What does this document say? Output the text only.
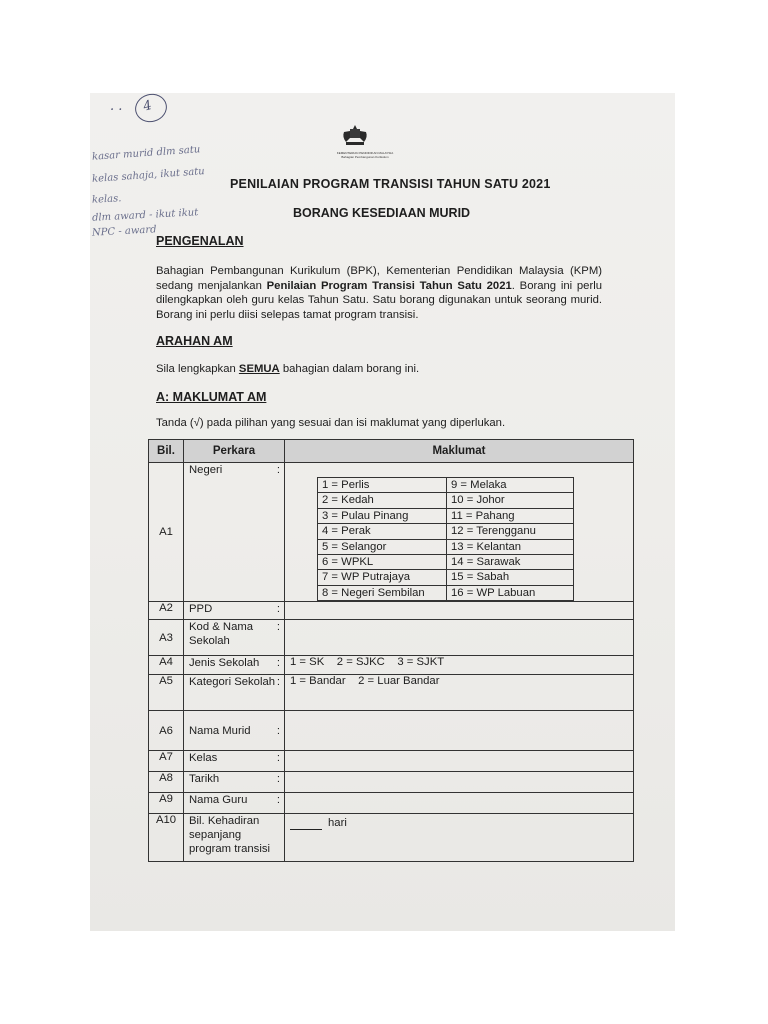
KEMENTERIAN PENDIDIKAN MALAYSIA
Bahagian Pembangunan Kurikulum
. . 4
kasar murid dlm satu
kelas sahaja, ikut satu
kelas.
dlm award - ikut ikut
NPC - award
PENILAIAN PROGRAM TRANSISI TAHUN SATU 2021
BORANG KESEDIAAN MURID
PENGENALAN
Bahagian Pembangunan Kurikulum (BPK), Kementerian Pendidikan Malaysia (KPM) sedang menjalankan Penilaian Program Transisi Tahun Satu 2021. Borang ini perlu dilengkapkan oleh guru kelas Tahun Satu. Satu borang digunakan untuk seorang murid. Borang ini perlu diisi selepas tamat program transisi.
ARAHAN AM
Sila lengkapkan SEMUA bahagian dalam borang ini.
A: MAKLUMAT AM
Tanda (√) pada pilihan yang sesuai dan isi maklumat yang diperlukan.
Bil.	Perkara	Maklumat
A1	Negeri	:

1 = Perlis	9 = Melaka
2 = Kedah	10 = Johor
3 = Pulau Pinang	11 = Pahang
4 = Perak	12 = Terengganu
5 = Selangor	13 = Kelantan
6 = WPKL	14 = Sarawak
7 = WP Putrajaya	15 = Sabah
8 = Negeri Sembilan	16 = WP Labuan

A2	PPD	:

A3	Kod & Nama Sekolah
:

A4	Jenis Sekolah :	1 = SK    2 = SJKC    3 = SJKT
A5	Kategori Sekolah :	1 = Bandar    2 = Luar Bandar
A6	Nama Murid :

A7	Kelas	:

A8	Tarikh	:

A9	Nama Guru	:

A10	Bil. Kehadiran sepanjang program transisi	hari
